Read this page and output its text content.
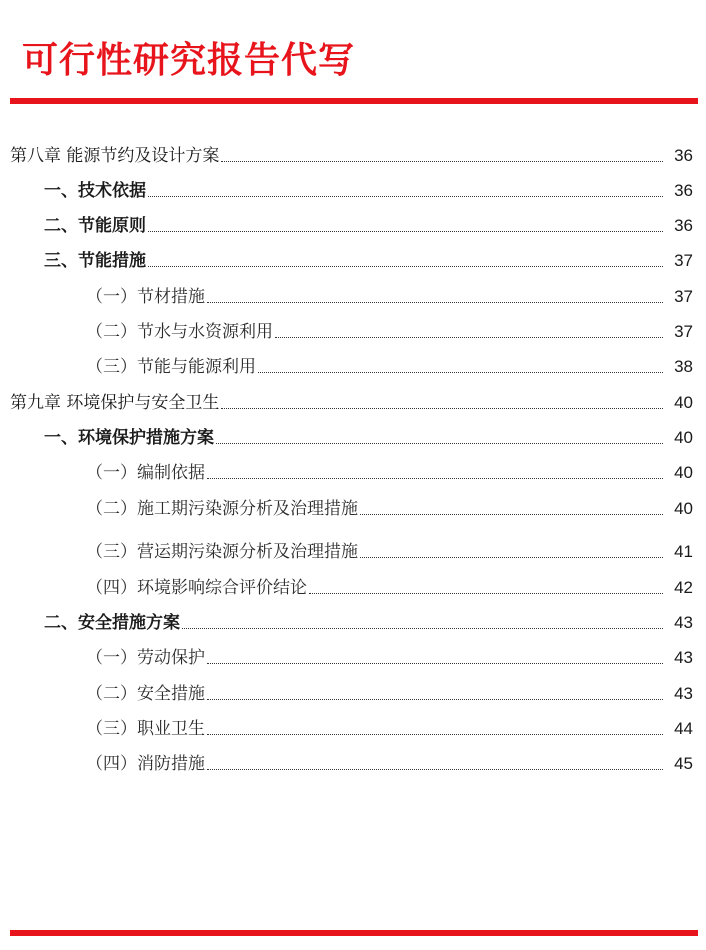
可行性研究报告代写
第八章 能源节约及设计方案	36
一、技术依据	36
二、节能原则	36
三、节能措施	37
（一）节材措施	37
（二）节水与水资源利用	37
（三）节能与能源利用	38
第九章 环境保护与安全卫生	40
一、环境保护措施方案	40
（一）编制依据	40
（二）施工期污染源分析及治理措施	40
（三）营运期污染源分析及治理措施	41
（四）环境影响综合评价结论	42
二、安全措施方案	43
（一）劳动保护	43
（二）安全措施	43
（三）职业卫生	44
（四）消防措施	45
